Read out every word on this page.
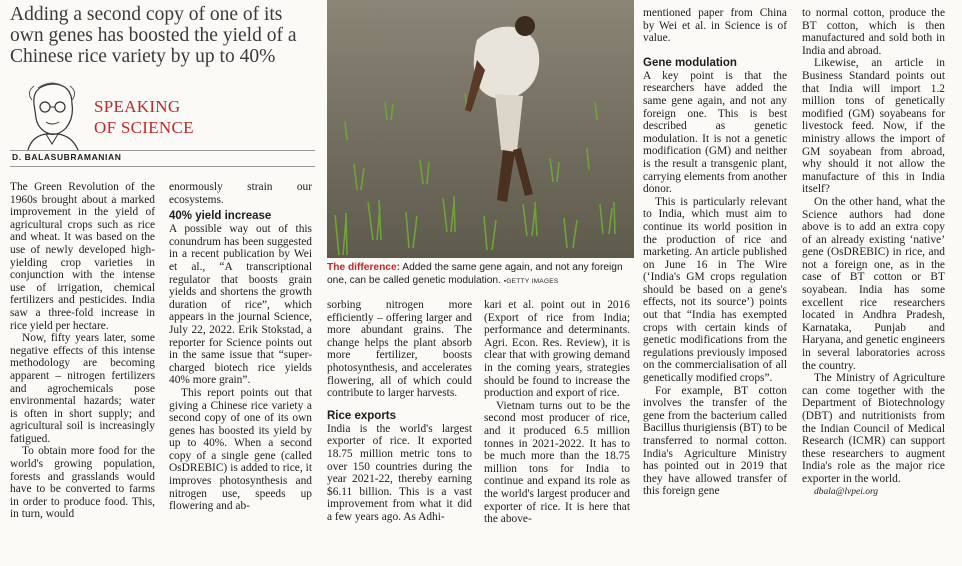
Adding a second copy of one of its own genes has boosted the yield of a Chinese rice variety by up to 40%
SPEAKING
OF SCIENCE
D. BALASUBRAMANIAN

The Green Revolution of the 1960s brought about a marked improvement in the yield of agricultural crops such as rice and wheat. It was based on the use of newly developed high-yielding crop varieties in conjunction with the intense use of irrigation, chemical fertilizers and pesticides. India saw a three-fold increase in rice yield per hectare.

Now, fifty years later, some negative effects of this intense methodology are becoming apparent – nitrogen fertilizers and agrochemicals pose environmental hazards; water is often in short supply; and agricultural soil is increasingly fatigued.

To obtain more food for the world's growing population, forests and grasslands would have to be converted to farms in order to produce food. This, in turn, would

enormously strain our ecosystems.

40% yield increase

A possible way out of this conundrum has been suggested in a recent publication by Wei et al., “A transcriptional regulator that boosts grain yields and shortens the growth duration of rice”, which appears in the journal Science, July 22, 2022. Erik Stokstad, a reporter for Science points out in the same issue that “super-charged biotech rice yields 40% more grain”.

This report points out that giving a Chinese rice variety a second copy of one of its own genes has boosted its yield by up to 40%. When a second copy of a single gene (called OsDREBIC) is added to rice, it improves photosynthesis and nitrogen use, speeds up flowering and ab-

The difference: Added the same gene again, and not any foreign one, can be called genetic modulation. ▪GETTY IMAGES

sorbing nitrogen more efficiently – offering larger and more abundant grains. The change helps the plant absorb more fertilizer, boosts photosynthesis, and accelerates flowering, all of which could contribute to larger harvests.

Rice exports

India is the world's largest exporter of rice. It exported 18.75 million metric tons to over 150 countries during the year 2021-22, thereby earning $6.11 billion. This is a vast improvement from what it did a few years ago. As Adhi-

kari et al. point out in 2016 (Export of rice from India; performance and determinants. Agri. Econ. Res. Review), it is clear that with growing demand in the coming years, strategies should be found to increase the production and export of rice.

Vietnam turns out to be the second most producer of rice, and it produced 6.5 million tonnes in 2021-2022. It has to be much more than the 18.75 million tons for India to continue and expand its role as the world's largest producer and exporter of rice. It is here that the above-

mentioned paper from China by Wei et al. in Science is of value.

Gene modulation

A key point is that the researchers have added the same gene again, and not any foreign one. This is best described as genetic modulation. It is not a genetic modification (GM) and neither is the result a transgenic plant, carrying elements from another donor.

This is particularly relevant to India, which must aim to continue its world position in the production of rice and marketing. An article published on June 16 in The Wire (‘India's GM crops regulation should be based on a gene's effects, not its source’) points out that “India has exempted crops with certain kinds of genetic modifications from the regulations previously imposed on the commercialisation of all genetically modified crops”.

For example, BT cotton involves the transfer of the gene from the bacterium called Bacillus thurigiensis (BT) to be transferred to normal cotton. India's Agriculture Ministry has pointed out in 2019 that they have allowed transfer of this foreign gene

to normal cotton, produce the BT cotton, which is then manufactured and sold both in India and abroad.

Likewise, an article in Business Standard points out that India will import 1.2 million tons of genetically modified (GM) soyabeans for livestock feed. Now, if the ministry allows the import of GM soyabean from abroad, why should it not allow the manufacture of this in India itself?

On the other hand, what the Science authors had done above is to add an extra copy of an already existing ‘native’ gene (OsDREBIC) in rice, and not a foreign one, as in the case of BT cotton or BT soyabean. India has some excellent rice researchers located in Andhra Pradesh, Karnataka, Punjab and Haryana, and genetic engineers in several laboratories across the country.

The Ministry of Agriculture can come together with the Department of Biotechnology (DBT) and nutritionists from the Indian Council of Medical Research (ICMR) can support these researchers to augment India's role as the major rice exporter in the world.

dbala@lvpei.org
